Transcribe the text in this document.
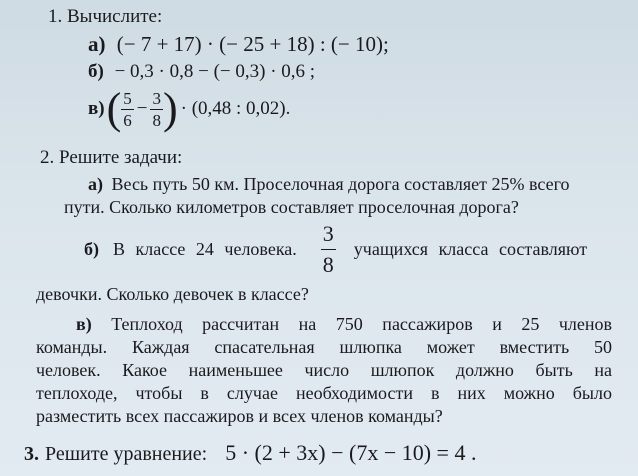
1. Вычислите:
а) (− 7 + 17) · (− 25 + 18) : (− 10);
б) − 0,3 · 0,8 − (− 0,3) · 0,6 ;
в) ( $\frac{5}{6} - \frac{3}{8}$ ) · (0,48 : 0,02).
2. Решите задачи:
а) Весь путь 50 км. Проселочная дорога составляет 25% всего
пути. Сколько километров составляет проселочная дорога?
б) В классе 24 человека. $\frac{3}{8}$ учащихся класса составляют
девочки. Сколько девочек в классе?
в) Теплоход рассчитан на 750 пассажиров и 25 членов
команды. Каждая спасательная шлюпка может вместить 50
человек. Какое наименьшее число шлюпок должно быть на
теплоходе, чтобы в случае необходимости в них можно было
разместить всех пассажиров и всех членов команды?
3. Решите уравнение: 5 · (2 + 3x) − (7x − 10) = 4 .
